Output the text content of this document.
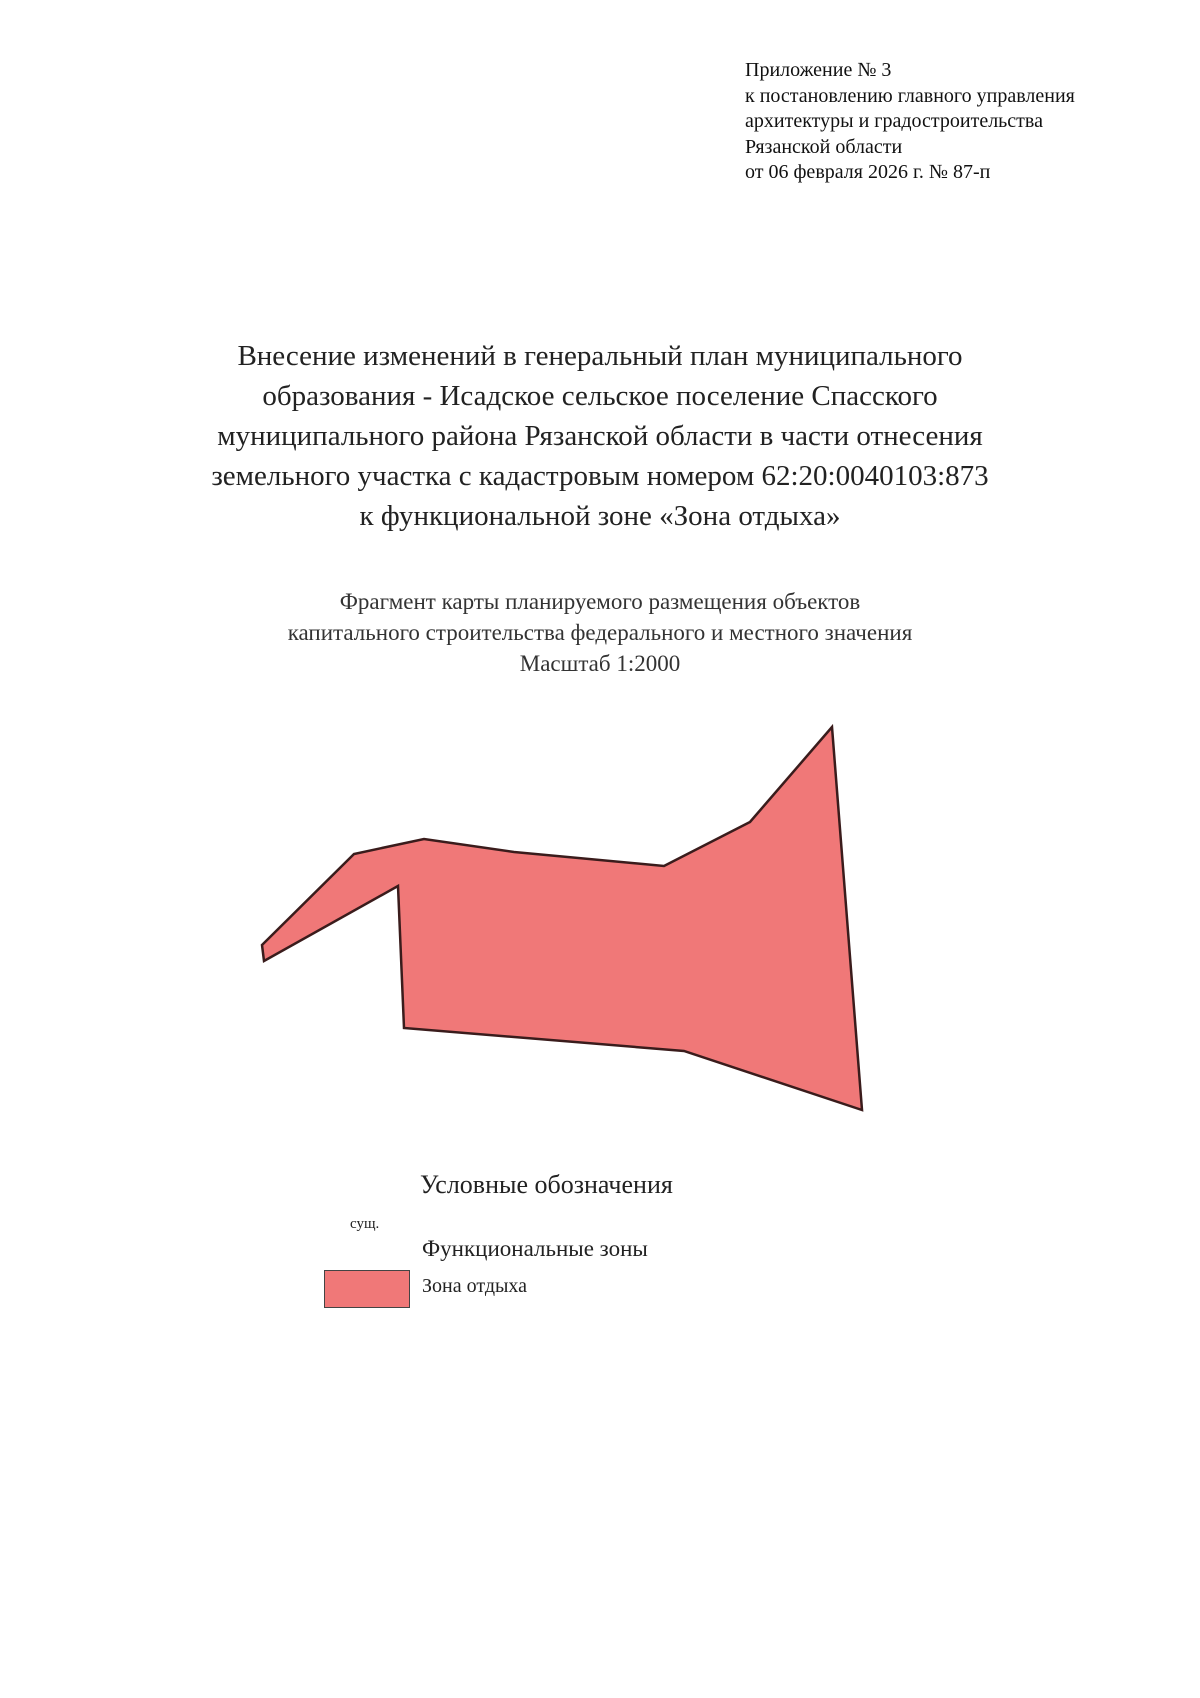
Приложение № 3
к постановлению главного управления
архитектуры и градостроительства
Рязанской области
от 06 февраля 2026 г. № 87-п
Внесение изменений в генеральный план муниципального
образования - Исадское сельское поселение Спасского
муниципального района Рязанской области в части отнесения
земельного участка с кадастровым номером 62:20:0040103:873
к функциональной зоне «Зона отдыха»
Фрагмент карты планируемого размещения объектов
капитального строительства федерального и местного значения
Масштаб 1:2000
Условные обозначения
сущ.
Функциональные зоны
Зона отдыха
